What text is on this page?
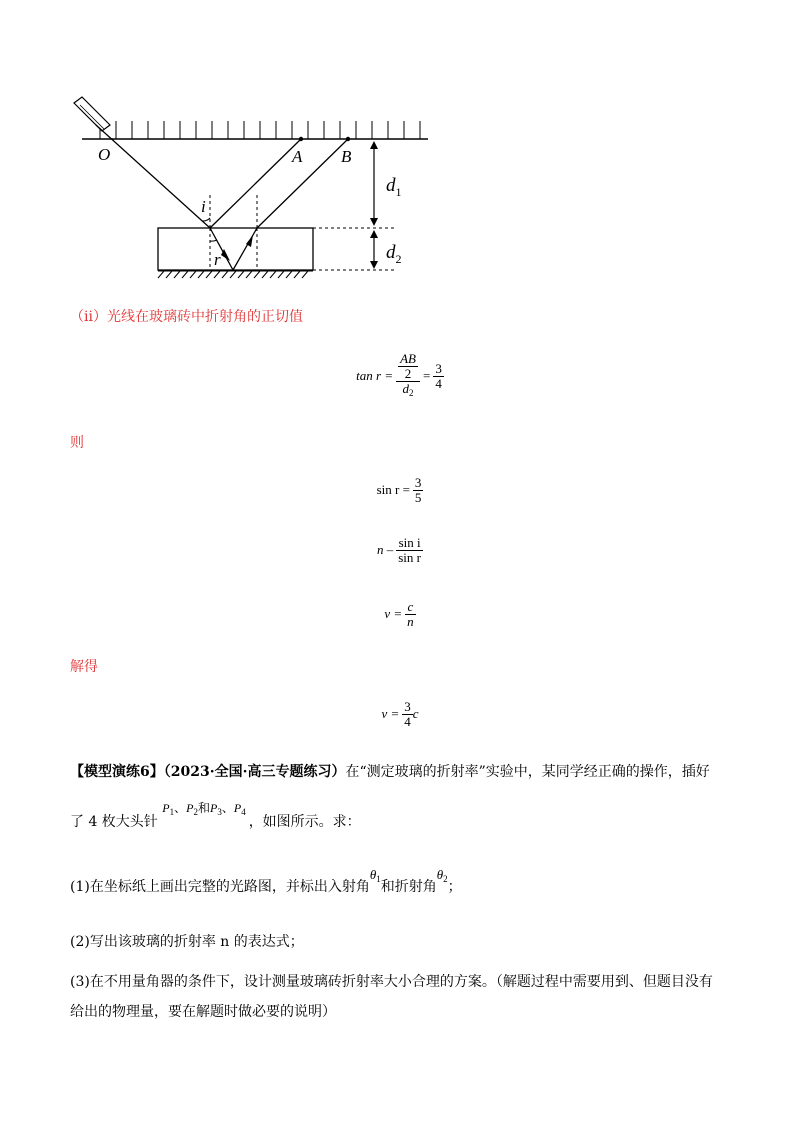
O	A B
i
r
$d_1$
$d_2$
（ii）光线在玻璃砖中折射角的正切值
$\tan r = \frac{\frac{AB}{2}}{d_2} = \frac{3}{4}$
则
$\sin r = \frac{3}{5}$
n – $\frac{\text{sin i}}{\text{sin r}}$
$v = \frac{c}{n}$
解得
$v = \frac{3}{4}$ c
【模型演练6】（2023·全国·高三专题练习）在“测定玻璃的折射率”实验中，某同学经正确的操作，插好
了 4 枚大头针 $P_1$、$P_2$和$P_3$、$P_4$ ，如图所示。求：
(1)在坐标纸上画出完整的光路图，并标出入射角$\theta_1$和折射角$\theta_2$；
(2)写出该玻璃的折射率 n 的表达式；
(3)在不用量角器的条件下，设计测量玻璃砖折射率大小合理的方案。（解题过程中需要用到、但题目没有
给出的物理量，要在解题时做必要的说明）
